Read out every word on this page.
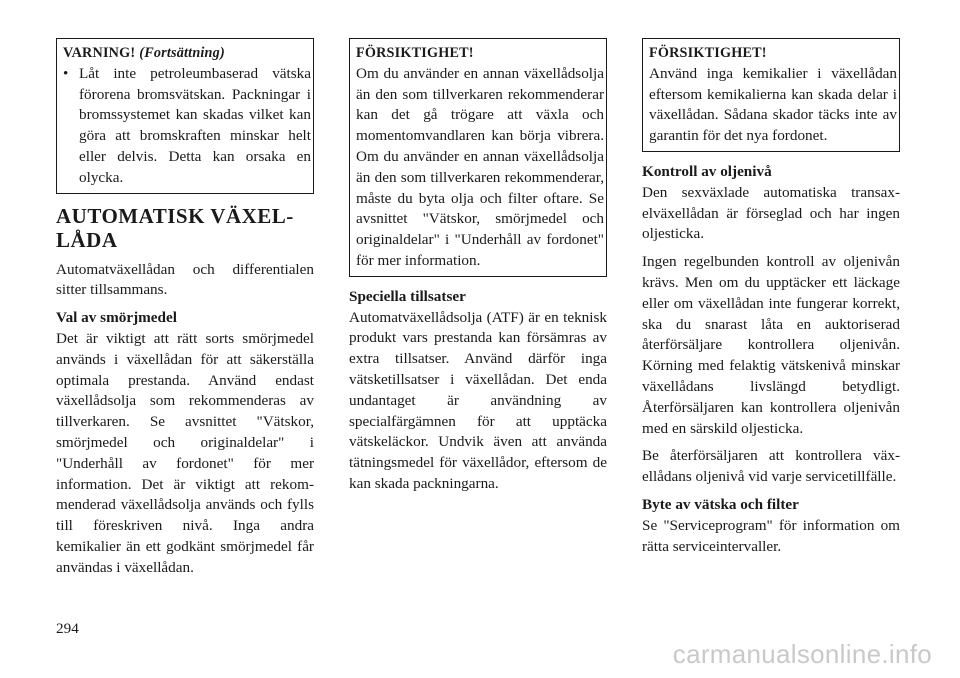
VARNING! (Fortsättning)
• Låt inte petroleumbaserad vätska förorena bromsvätskan. Packningar i bromssystemet kan skadas vilket kan göra att bromskraften minskar helt eller delvis. Detta kan orsaka en olycka.
AUTOMATISK VÄXEL-LÅDA

Automatväxellådan och differentialen sitter tillsammans.

Val av smörjmedel

Det är viktigt att rätt sorts smörjmedel används i växellådan för att säkerställa optimala prestanda. Använd endast växellådsolja som rekommenderas av tillverkaren. Se avsnittet "Vätskor, smörjmedel och originaldelar" i "Underhåll av fordonet" för mer information. Det är viktigt att rekommenderad växellådsolja används och fylls till föreskriven nivå. Inga andra kemikalier än ett godkänt smörjmedel får användas i växellådan.

FÖRSIKTIGHET!
Om du använder en annan växellådsolja än den som tillverkaren rekommenderar kan det gå trögare att växla och momentomvandlaren kan börja vibrera. Om du använder en annan växellådsolja än den som tillverkaren rekommenderar, måste du byta olja och filter oftare. Se avsnittet "Vätskor, smörjmedel och originaldelar" i "Underhåll av fordonet" för mer information.
Speciella tillsatser

Automatväxellådsolja (ATF) är en teknisk produkt vars prestanda kan försämras av extra tillsatser. Använd därför inga vätsketillsatser i växellådan. Det enda undantaget är användning av specialfärgämnen för att upptäcka vätskeläckor. Undvik även att använda tätningsmedel för växellådor, eftersom de kan skada packningarna.

FÖRSIKTIGHET!
Använd inga kemikalier i växellådan eftersom kemikalierna kan skada delar i växellådan. Sådana skador täcks inte av garantin för det nya fordonet.
Kontroll av oljenivå

Den sexväxlade automatiska transaxelväxellådan är förseglad och har ingen oljesticka.

Ingen regelbunden kontroll av oljenivån krävs. Men om du upptäcker ett läckage eller om växellådan inte fungerar korrekt, ska du snarast låta en auktoriserad återförsäljare kontrollera oljenivån. Körning med felaktig vätskenivå minskar växellådans livslängd betydligt. Återförsäljaren kan kontrollera oljenivån med en särskild oljesticka.

Be återförsäljaren att kontrollera växellådans oljenivå vid varje servicetillfälle.

Byte av vätska och filter

Se "Serviceprogram" för information om rätta serviceintervaller.

294
carmanualsonline.info
